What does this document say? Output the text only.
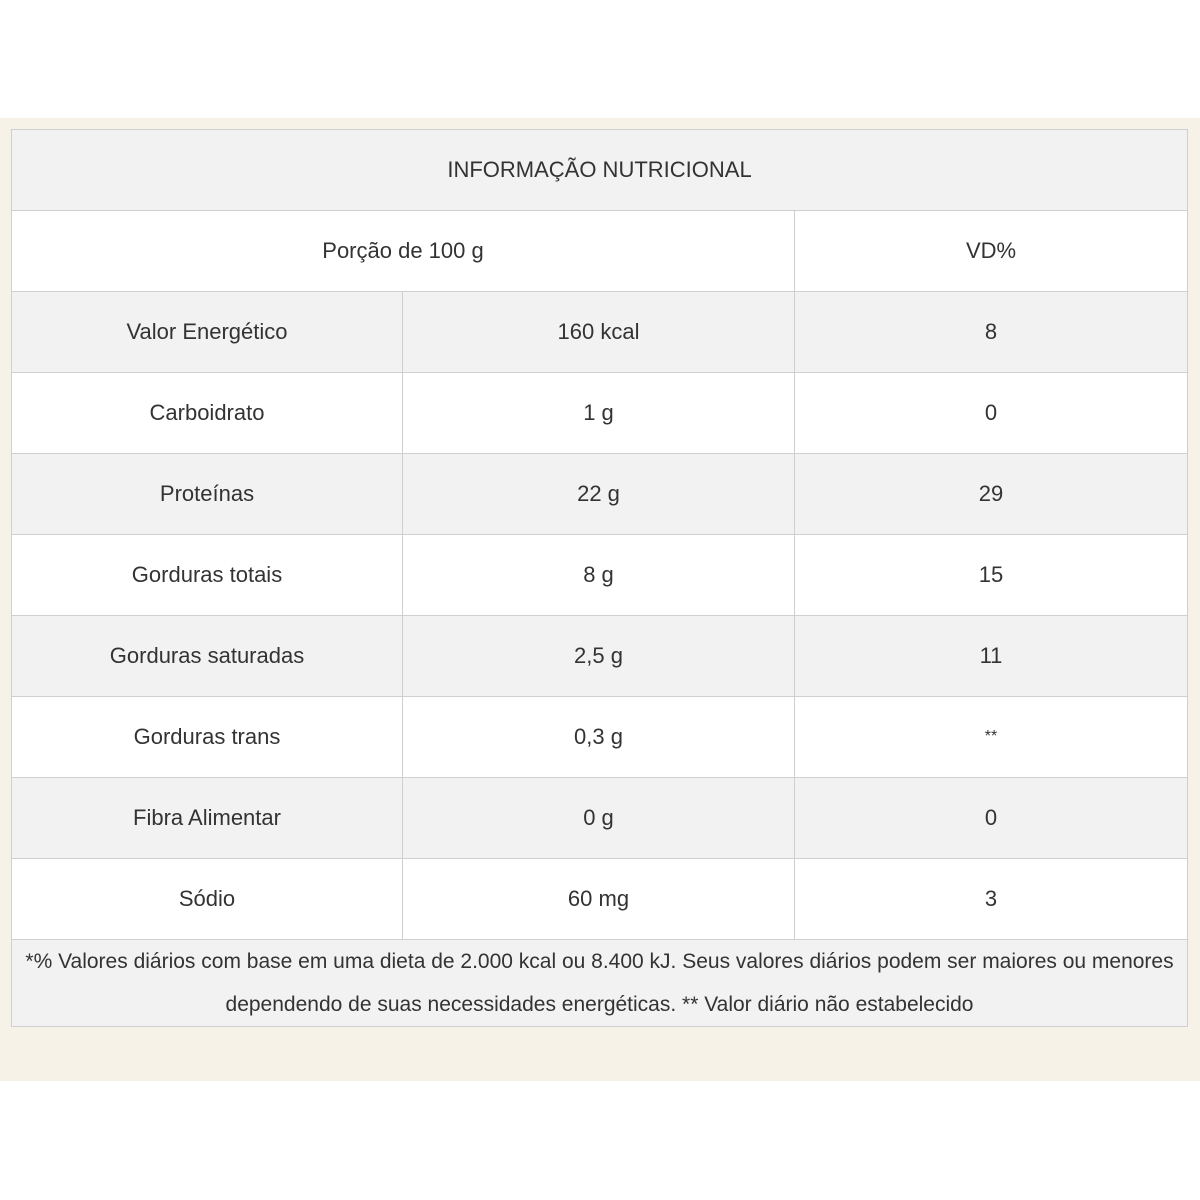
INFORMAÇÃO NUTRICIONAL		
Porção de 100 g		VD%
Valor Energético	160 kcal	8
Carboidrato	1 g	0
Proteínas	22 g	29
Gorduras totais	8 g	15
Gorduras saturadas	2,5 g	11
Gorduras trans	0,3 g	**
Fibra Alimentar	0 g	0
Sódio	60 mg	3
*% Valores diários com base em uma dieta de 2.000 kcal ou 8.400 kJ. Seus valores diários podem ser maiores ou menores dependendo de suas necessidades energéticas. ** Valor diário não estabelecido		
